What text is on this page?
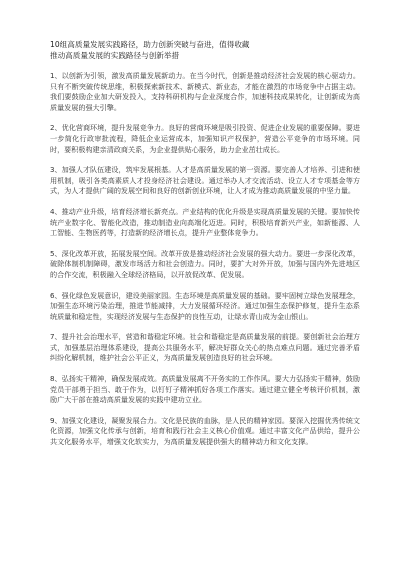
10组高质量发展实践路径，助力创新突破与奋进，值得收藏
推动高质量发展的实践路径与创新举措

1、以创新为引领，激发高质量发展新动力。在当今时代，创新是推动经济社会发展的核心驱动力。只有不断突破传统思维，积极探索新技术、新模式、新业态，才能在激烈的市场竞争中占据主动。我们要鼓励企业加大研发投入，支持科研机构与企业深度合作，加速科技成果转化，让创新成为高质量发展的强大引擎。

2、优化营商环境，提升发展竞争力。良好的营商环境是吸引投资、促进企业发展的重要保障。要进一步简化行政审批流程，降低企业运营成本，加强知识产权保护，营造公平竞争的市场环境。同时，要积极构建亲清政商关系，为企业提供贴心服务，助力企业茁壮成长。

3、加强人才队伍建设，筑牢发展根基。人才是高质量发展的第一资源。要完善人才培养、引进和使用机制，吸引各类高素质人才投身经济社会建设。通过举办人才交流活动、设立人才专项基金等方式，为人才提供广阔的发展空间和良好的创新创业环境，让人才成为推动高质量发展的中坚力量。

4、推动产业升级，培育经济增长新亮点。产业结构的优化升级是实现高质量发展的关键。要加快传统产业数字化、智能化改造，推动制造业向高端化迈进。同时，积极培育新兴产业，如新能源、人工智能、生物医药等，打造新的经济增长点，提升产业整体竞争力。

5、深化改革开放，拓展发展空间。改革开放是推动经济社会发展的强大动力。要进一步深化改革，破除体制机制障碍，激发市场活力和社会创造力。同时，要扩大对外开放，加强与国内外先进地区的合作交流，积极融入全球经济格局，以开放促改革、促发展。

6、强化绿色发展意识，建设美丽家园。生态环境是高质量发展的基础。要牢固树立绿色发展理念，加强生态环境污染治理，推进节能减排，大力发展循环经济。通过加强生态保护修复，提升生态系统质量和稳定性，实现经济发展与生态保护的良性互动，让绿水青山成为金山银山。

7、提升社会治理水平，营造和谐稳定环境。社会和谐稳定是高质量发展的前提。要创新社会治理方式，加强基层治理体系建设，提高公共服务水平，解决好群众关心的热点难点问题。通过完善矛盾纠纷化解机制，维护社会公平正义，为高质量发展创造良好的社会环境。

8、弘扬实干精神，确保发展成效。高质量发展离不开务实的工作作风。要大力弘扬实干精神，鼓励党员干部勇于担当、敢于作为，以钉钉子精神抓好各项工作落实。通过建立健全考核评价机制，激励广大干部在推动高质量发展的实践中建功立业。

9、加强文化建设，凝聚发展合力。文化是民族的血脉，是人民的精神家园。要深入挖掘优秀传统文化资源，加强文化传承与创新，培育和践行社会主义核心价值观。通过丰富文化产品供给，提升公共文化服务水平，增强文化软实力，为高质量发展提供强大的精神动力和文化支撑。
